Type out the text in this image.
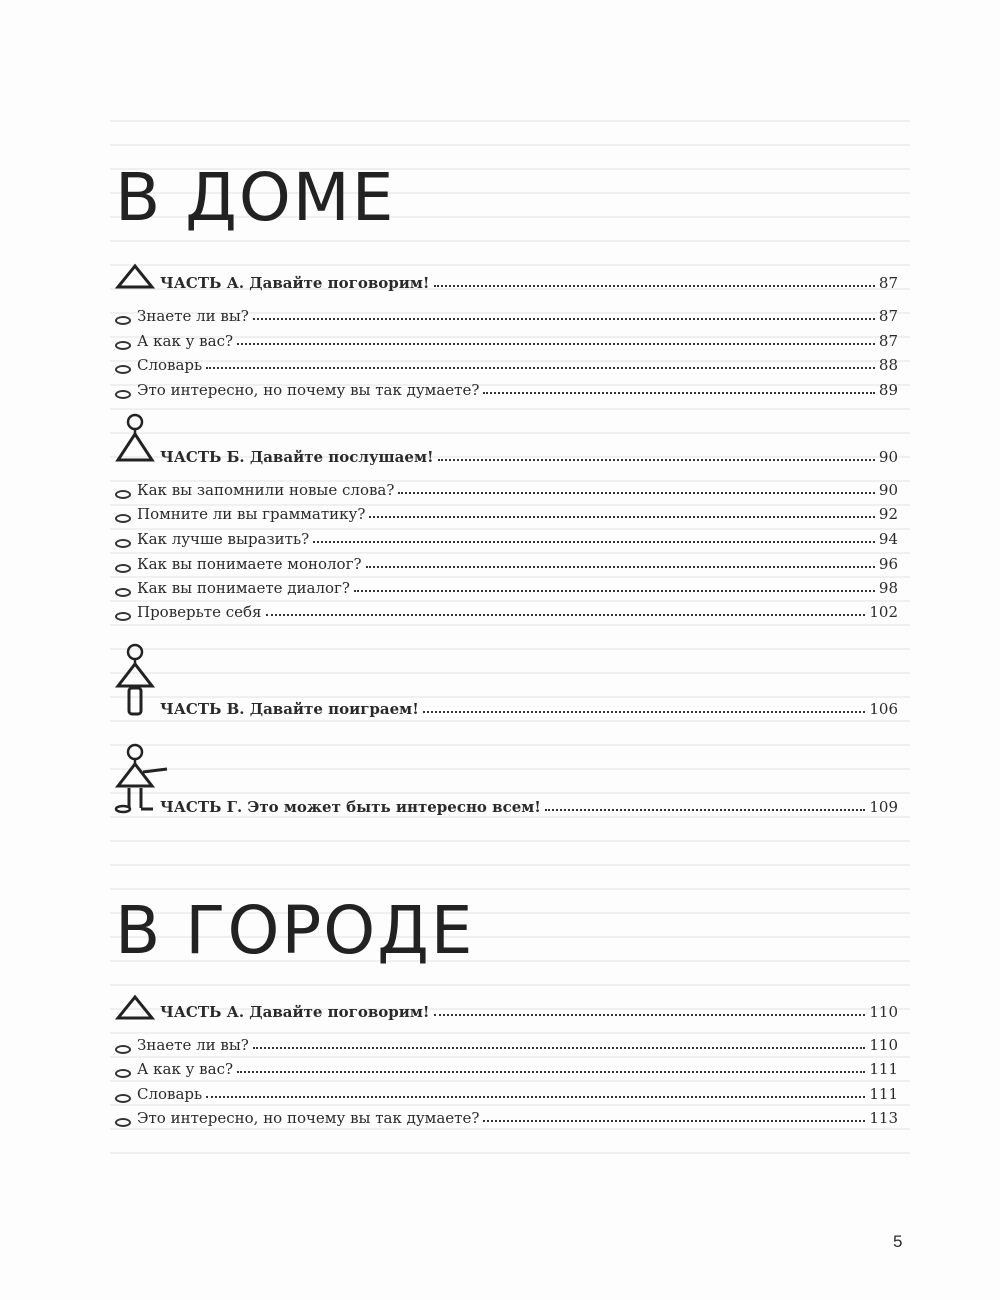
В ДОМЕ
В ГОРОДЕ
ЧАСТЬ А. Давайте поговорим!	87
Знаете ли вы?	87
А как у вас?	87
Словарь	88
Это интересно, но почему вы так думаете?	89
ЧАСТЬ Б. Давайте послушаем!	90
Как вы запомнили новые слова?	90
Помните ли вы грамматику?	92
Как лучше выразить?	94
Как вы понимаете монолог?	96
Как вы понимаете диалог?	98
Проверьте себя	102
ЧАСТЬ В. Давайте поиграем!	106
ЧАСТЬ Г. Это может быть интересно всем!	109
ЧАСТЬ А. Давайте поговорим!	110
Знаете ли вы?	110
А как у вас?	111
Словарь	111
Это интересно, но почему вы так думаете?	113
5
